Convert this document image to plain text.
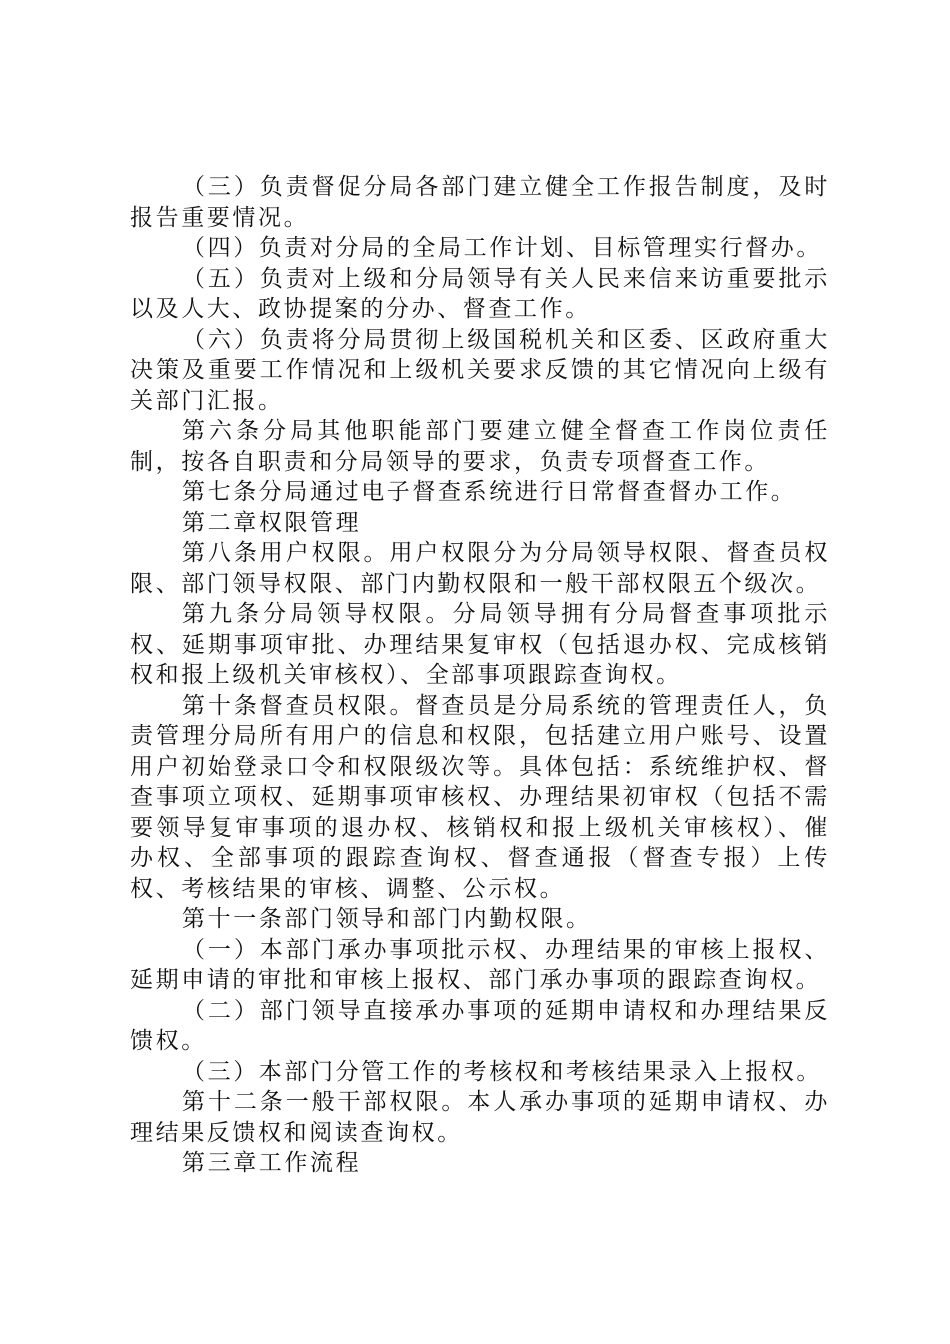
（三）负责督促分局各部门建立健全工作报告制度，及时报告重要情况。

（四）负责对分局的全局工作计划、目标管理实行督办。

（五）负责对上级和分局领导有关人民来信来访重要批示以及人大、政协提案的分办、督查工作。

（六）负责将分局贯彻上级国税机关和区委、区政府重大决策及重要工作情况和上级机关要求反馈的其它情况向上级有关部门汇报。

第六条分局其他职能部门要建立健全督查工作岗位责任制，按各自职责和分局领导的要求，负责专项督查工作。

第七条分局通过电子督查系统进行日常督查督办工作。

第二章权限管理

第八条用户权限。用户权限分为分局领导权限、督查员权限、部门领导权限、部门内勤权限和一般干部权限五个级次。

第九条分局领导权限。分局领导拥有分局督查事项批示权、延期事项审批、办理结果复审权（包括退办权、完成核销权和报上级机关审核权）、全部事项跟踪查询权。

第十条督查员权限。督查员是分局系统的管理责任人，负责管理分局所有用户的信息和权限，包括建立用户账号、设置用户初始登录口令和权限级次等。具体包括：系统维护权、督查事项立项权、延期事项审核权、办理结果初审权（包括不需要领导复审事项的退办权、核销权和报上级机关审核权）、催办权、全部事项的跟踪查询权、督查通报（督查专报）上传权、考核结果的审核、调整、公示权。

第十一条部门领导和部门内勤权限。

（一）本部门承办事项批示权、办理结果的审核上报权、延期申请的审批和审核上报权、部门承办事项的跟踪查询权。

（二）部门领导直接承办事项的延期申请权和办理结果反馈权。

（三）本部门分管工作的考核权和考核结果录入上报权。

第十二条一般干部权限。本人承办事项的延期申请权、办理结果反馈权和阅读查询权。

第三章工作流程
